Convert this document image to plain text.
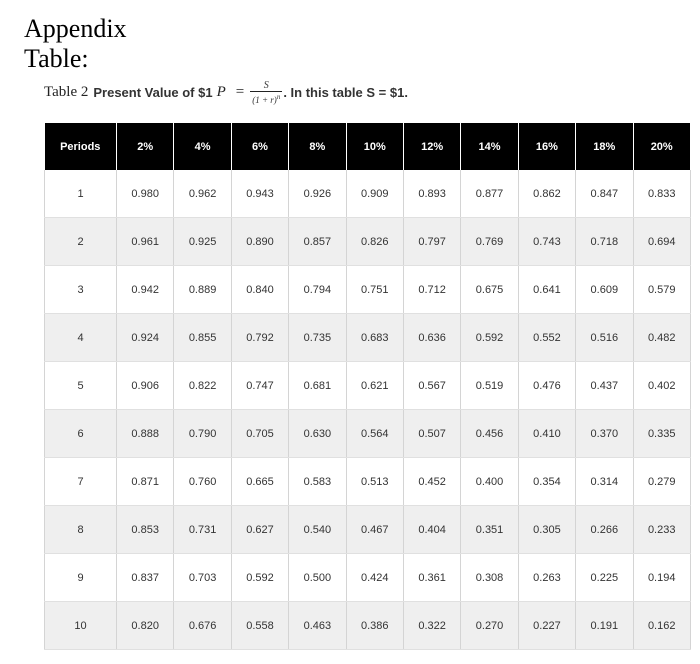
Appendix
Table:
Table 2 Present Value of $1 $P = \frac{S}{(1 + r)^n}$ . In this table S = $1.
Periods	2%	4%	6%	8%	10%	12%	14%	16%	18%	20%
1	0.980	0.962	0.943	0.926	0.909	0.893	0.877	0.862	0.847	0.833
2	0.961	0.925	0.890	0.857	0.826	0.797	0.769	0.743	0.718	0.694
3	0.942	0.889	0.840	0.794	0.751	0.712	0.675	0.641	0.609	0.579
4	0.924	0.855	0.792	0.735	0.683	0.636	0.592	0.552	0.516	0.482
5	0.906	0.822	0.747	0.681	0.621	0.567	0.519	0.476	0.437	0.402
6	0.888	0.790	0.705	0.630	0.564	0.507	0.456	0.410	0.370	0.335
7	0.871	0.760	0.665	0.583	0.513	0.452	0.400	0.354	0.314	0.279
8	0.853	0.731	0.627	0.540	0.467	0.404	0.351	0.305	0.266	0.233
9	0.837	0.703	0.592	0.500	0.424	0.361	0.308	0.263	0.225	0.194
10	0.820	0.676	0.558	0.463	0.386	0.322	0.270	0.227	0.191	0.162
